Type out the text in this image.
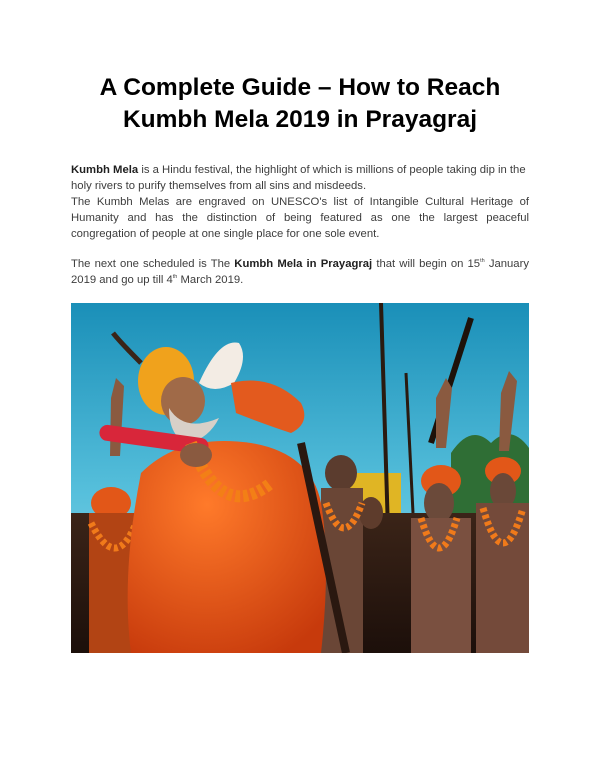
A Complete Guide – How to Reach
Kumbh Mela 2019 in Prayagraj
Kumbh Mela is a Hindu festival, the highlight of which is millions of people taking dip in the holy rivers to purify themselves from all sins and misdeeds.
The Kumbh Melas are engraved on UNESCO's list of Intangible Cultural Heritage of Humanity and has the distinction of being featured as one the largest peaceful congregation of people at one single place for one sole event.
The next one scheduled is The Kumbh Mela in Prayagraj that will begin on 15th January 2019 and go up till 4th March 2019.
